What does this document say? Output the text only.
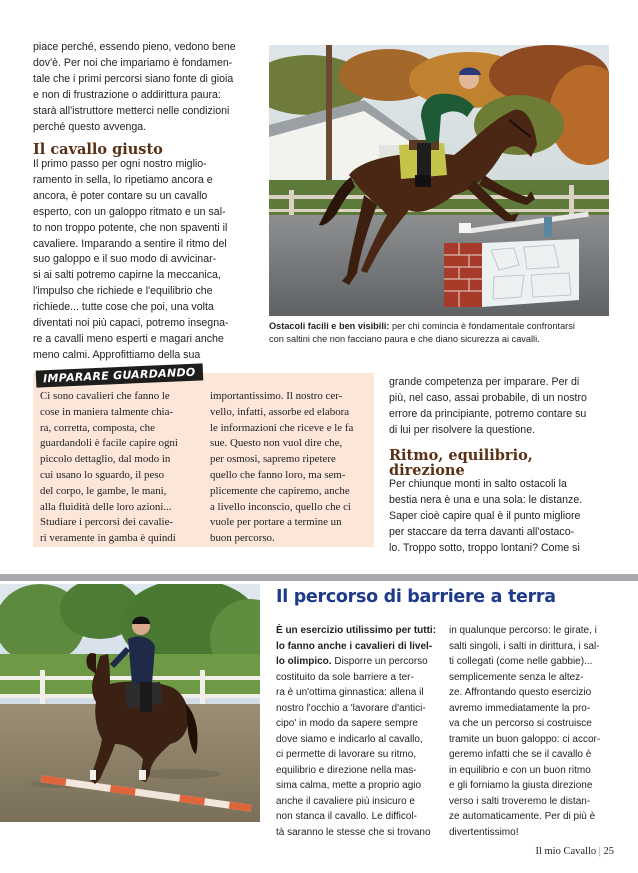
piace perché, essendo pieno, vedono bene
dov'è. Per noi che impariamo è fondamen-
tale che i primi percorsi siano fonte di gioia
e non di frustrazione o addirittura paura:
starà all'istruttore metterci nelle condizioni
perché questo avvenga.
Il cavallo giusto
Il primo passo per ogni nostro miglio-
ramento in sella, lo ripetiamo ancora e
ancora, è poter contare su un cavallo
esperto, con un galoppo ritmato e un sal-
to non troppo potente, che non spaventi il
cavaliere. Imparando a sentire il ritmo del
suo galoppo e il suo modo di avvicinar-
si ai salti potremo capirne la meccanica,
l'impulso che richiede e l'equilibrio che
richiede... tutte cose che poi, una volta
diventati noi più capaci, potremo insegna-
re a cavalli meno esperti e magari anche
meno calmi. Approfittiamo della sua
Ostacoli facili e ben visibili: per chi comincia è fondamentale confrontarsi
con saltini che non facciano paura e che diano sicurezza ai cavalli.
IMPARARE GUARDANDO
Ci sono cavalieri che fanno le
cose in maniera talmente chia-
ra, corretta, composta, che
guardandoli è facile capire ogni
piccolo dettaglio, dal modo in
cui usano lo sguardo, il peso
del corpo, le gambe, le mani,
alla fluidità delle loro azioni...
Studiare i percorsi dei cavalie-
ri veramente in gamba è quindi
importantissimo. Il nostro cer-
vello, infatti, assorbe ed elabora
le informazioni che riceve e le fa
sue. Questo non vuol dire che,
per osmosi, sapremo ripetere
quello che fanno loro, ma sem-
plicemente che capiremo, anche
a livello inconscio, quello che ci
vuole per portare a termine un
buon percorso.
grande competenza per imparare. Per di
più, nel caso, assai probabile, di un nostro
errore da principiante, potremo contare su
di lui per risolvere la questione.
Ritmo, equilibrio,
direzione
Per chiunque monti in salto ostacoli la
bestia nera è una e una sola: le distanze.
Saper cioè capire qual è il punto migliore
per staccare da terra davanti all'ostaco-
lo. Troppo sotto, troppo lontani? Come si
Il percorso di barriere a terra
È un esercizio utilissimo per tutti:
lo fanno anche i cavalieri di livel-
lo olimpico. Disporre un percorso
costituito da sole barriere a ter-
ra è un'ottima ginnastica: allena il
nostro l'occhio a 'lavorare d'antici-
cipo' in modo da sapere sempre
dove siamo e indicarlo al cavallo,
ci permette di lavorare su ritmo,
equilibrio e direzione nella mas-
sima calma, mette a proprio agio
anche il cavaliere più insicuro e
non stanca il cavallo. Le difficol-
tà saranno le stesse che si trovano
in qualunque percorso: le girate, i
salti singoli, i salti in dirittura, i sal-
ti collegati (come nelle gabbie)...
semplicemente senza le altez-
ze. Affrontando questo esercizio
avremo immediatamente la pro-
va che un percorso si costruisce
tramite un buon galoppo: ci accor-
geremo infatti che se il cavallo è
in equilibrio e con un buon ritmo
e gli forniamo la giusta direzione
verso i salti troveremo le distan-
ze automaticamente. Per di più è
divertentissimo!
Il mio Cavallo | 25
